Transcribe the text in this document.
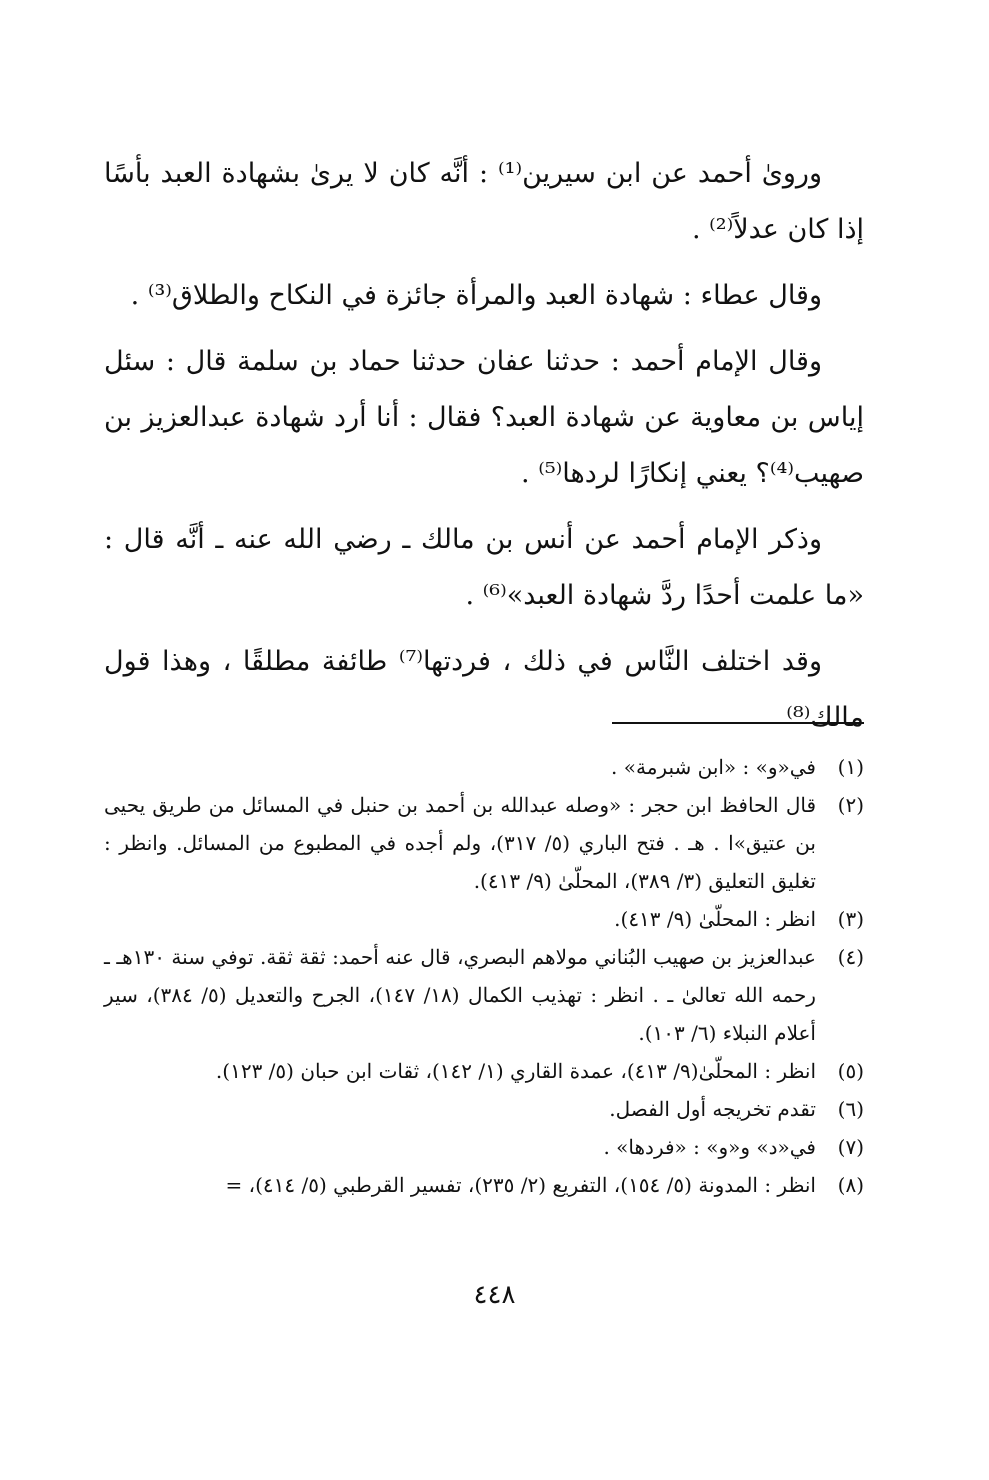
ورویٰ أحمد عن ابن سيرين⁽¹⁾ : أنَّه كان لا يرىٰ بشهادة العبد بأسًا إذا كان عدلاً⁽²⁾ .

وقال عطاء : شهادة العبد والمرأة جائزة في النكاح والطلاق⁽³⁾ .

وقال الإمام أحمد : حدثنا عفان حدثنا حماد بن سلمة قال : سئل إياس بن معاوية عن شهادة العبد؟ فقال : أنا أرد شهادة عبدالعزيز بن صهيب⁽⁴⁾؟ يعني إنكارًا لردها⁽⁵⁾ .

وذكر الإمام أحمد عن أنس بن مالك ـ رضي الله عنه ـ أنَّه قال : «ما علمت أحدًا ردَّ شهادة العبد»⁽⁶⁾ .

وقد اختلف النَّاس في ذلك ، فردتها⁽⁷⁾ طائفة مطلقًا ، وهذا قول مالك⁽⁸⁾

(١)
في«و» : «ابن شبرمة» .
(٢)
قال الحافظ ابن حجر : «وصله عبدالله بن أحمد بن حنبل في المسائل من طريق يحيى بن عتيق»ا . هـ . فتح الباري (٥/ ٣١٧)، ولم أجده في المطبوع من المسائل. وانظر : تغليق التعليق (٣/ ٣٨٩)، المحلّىٰ (٩/ ٤١٣).
(٣)
انظر : المحلّىٰ (٩/ ٤١٣).
(٤)
عبدالعزيز بن صهيب البُناني مولاهم البصري، قال عنه أحمد: ثقة ثقة. توفي سنة ١٣٠هـ ـ رحمه الله تعالىٰ ـ . انظر : تهذيب الكمال (١٨/ ١٤٧)، الجرح والتعديل (٥/ ٣٨٤)، سير أعلام النبلاء (٦/ ١٠٣).
(٥)
انظر : المحلّىٰ(٩/ ٤١٣)، عمدة القاري (١/ ١٤٢)، ثقات ابن حبان (٥/ ١٢٣).
(٦)
تقدم تخريجه أول الفصل.
(٧)
في«د» و«و» : «فردها» .
(٨)
انظر : المدونة (٥/ ١٥٤)، التفريع (٢/ ٢٣٥)، تفسير القرطبي (٥/ ٤١٤)، =
٤٤٨
